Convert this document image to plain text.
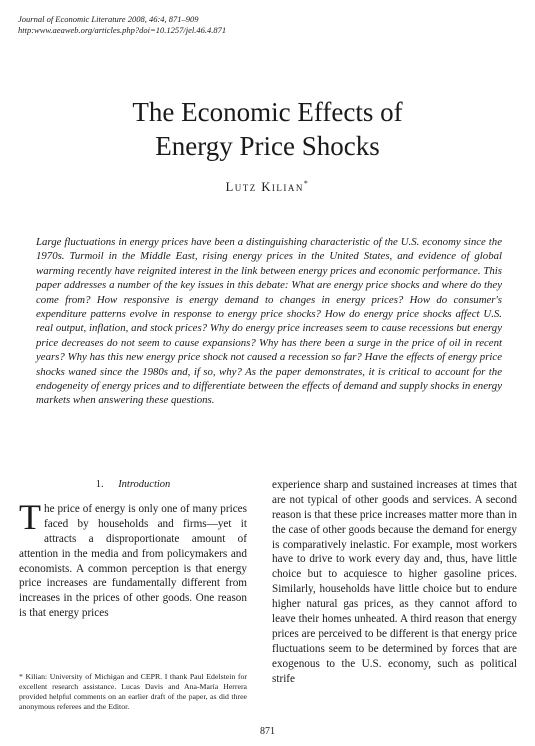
Journal of Economic Literature 2008, 46:4, 871–909
http:www.aeaweb.org/articles.php?doi=10.1257/jel.46.4.871
The Economic Effects of
Energy Price Shocks
Lutz Kilian*

Large fluctuations in energy prices have been a distinguishing characteristic of the U.S. economy since the 1970s. Turmoil in the Middle East, rising energy prices in the United States, and evidence of global warming recently have reignited interest in the link between energy prices and economic performance. This paper addresses a number of the key issues in this debate: What are energy price shocks and where do they come from? How responsive is energy demand to changes in energy prices? How do consumer's expenditure patterns evolve in response to energy price shocks? How do energy price shocks affect U.S. real output, inflation, and stock prices? Why do energy price increases seem to cause recessions but energy price decreases do not seem to cause expansions? Why has there been a surge in the price of oil in recent years? Why has this new energy price shock not caused a recession so far? Have the effects of energy price shocks waned since the 1980s and, if so, why? As the paper demonstrates, it is critical to account for the endogeneity of energy prices and to differentiate between the effects of demand and supply shocks in energy markets when answering these questions.

1. Introduction

The price of energy is only one of many prices faced by households and firms—yet it attracts a disproportionate amount of attention in the media and from policymakers and economists. A common perception is that energy price increases are fundamentally different from increases in the prices of other goods. One reason is that energy prices

experience sharp and sustained increases at times that are not typical of other goods and services. A second reason is that these price increases matter more than in the case of other goods because the demand for energy is comparatively inelastic. For example, most workers have to drive to work every day and, thus, have little choice but to acquiesce to higher gasoline prices. Similarly, households have little choice but to endure higher natural gas prices, as they cannot afford to leave their homes unheated. A third reason that energy prices are perceived to be different is that energy price fluctuations seem to be determined by forces that are exogenous to the U.S. economy, such as political strife

* Kilian: University of Michigan and CEPR. I thank Paul Edelstein for excellent research assistance. Lucas Davis and Ana-María Herrera provided helpful comments on an earlier draft of the paper, as did three anonymous referees and the Editor.

871
